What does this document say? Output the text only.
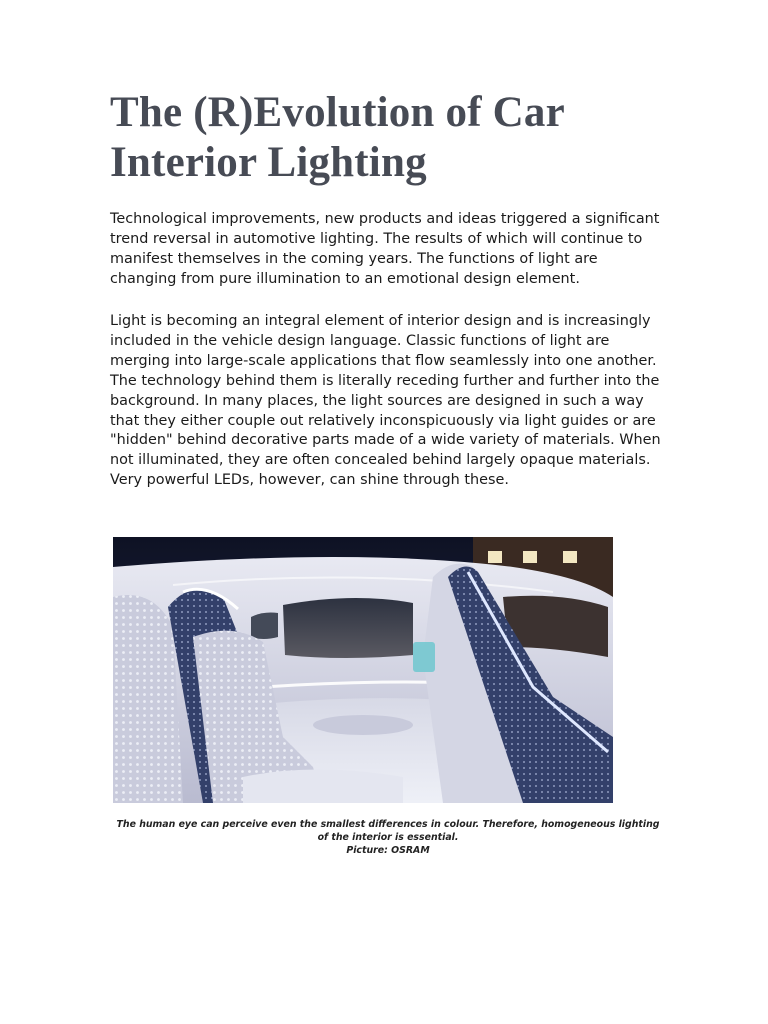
The (R)Evolution of Car Interior Lighting

Technological improvements, new products and ideas triggered a significant trend reversal in automotive lighting. The results of which will continue to manifest themselves in the coming years. The functions of light are changing from pure illumination to an emotional design element.

Light is becoming an integral element of interior design and is increasingly included in the vehicle design language. Classic functions of light are merging into large-scale applications that flow seamlessly into one another. The technology behind them is literally receding further and further into the background. In many places, the light sources are designed in such a way that they either couple out relatively inconspicuously via light guides or are "hidden" behind decorative parts made of a wide variety of materials. When not illuminated, they are often concealed behind largely opaque materials. Very powerful LEDs, however, can shine through these.

The human eye can perceive even the smallest differences in colour. Therefore, homogeneous lighting of the interior is essential.
Picture: OSRAM
